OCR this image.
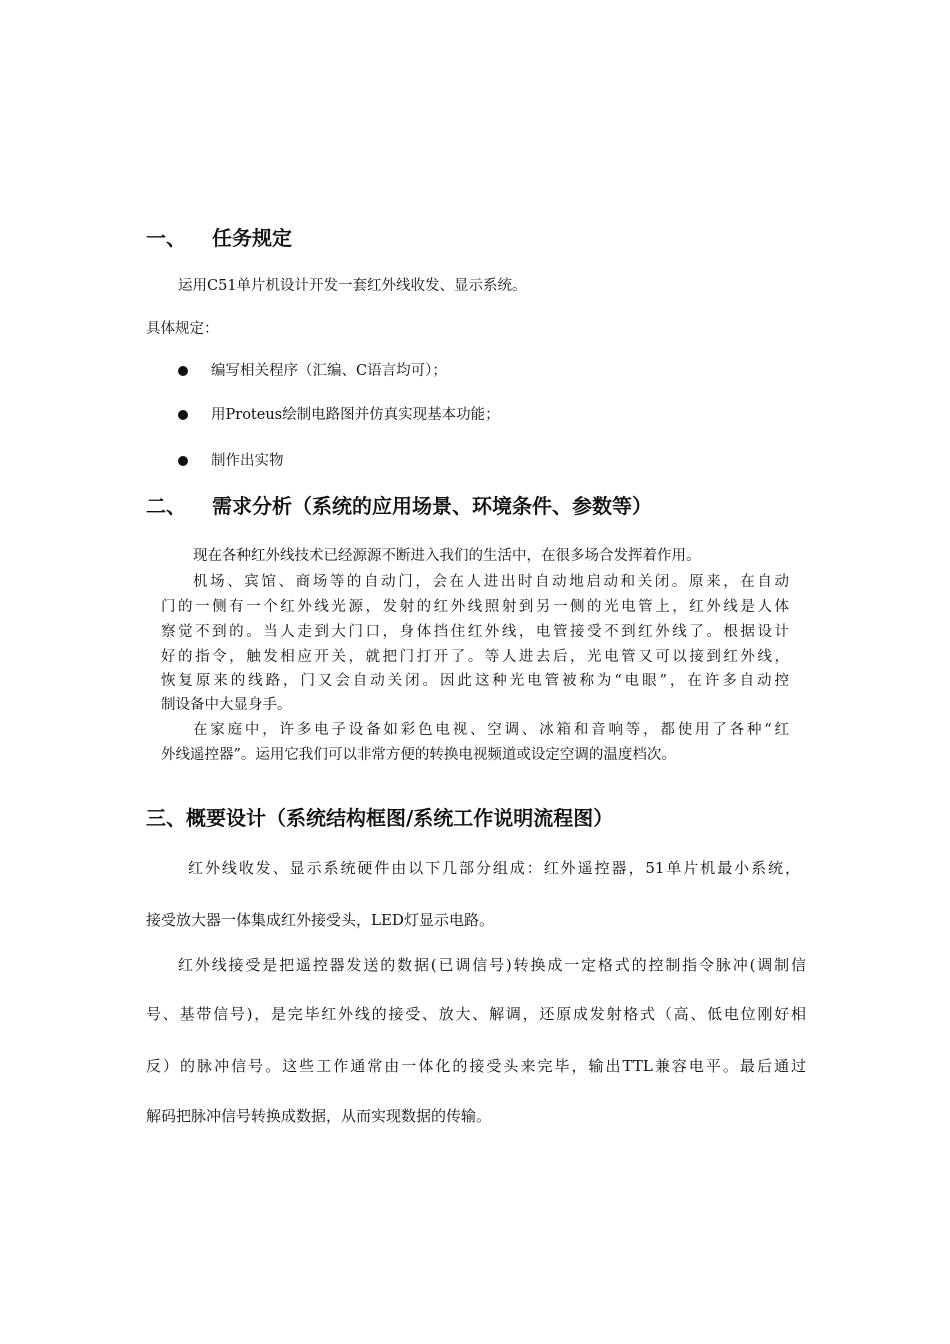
一、 任务规定
运用C51单片机设计开发一套红外线收发、显示系统。
具体规定：
编写相关程序（汇编、C语言均可）；
用Proteus绘制电路图并仿真实现基本功能；
制作出实物
二、 需求分析（系统的应用场景、环境条件、参数等）
现在各种红外线技术已经源源不断进入我们的生活中，在很多场合发挥着作用。
机场、宾馆、商场等的自动门，会在人进出时自动地启动和关闭。原来，在自动
门的一侧有一个红外线光源，发射的红外线照射到另一侧的光电管上，红外线是人体
察觉不到的。当人走到大门口，身体挡住红外线，电管接受不到红外线了。根据设计
好的指令，触发相应开关，就把门打开了。等人进去后，光电管又可以接到红外线，
恢复原来的线路，门又会自动关闭。因此这种光电管被称为“电眼”，在许多自动控
制设备中大显身手。
在家庭中，许多电子设备如彩色电视、空调、冰箱和音响等，都使用了各种“红
外线遥控器”。运用它我们可以非常方便的转换电视频道或设定空调的温度档次。
三、概要设计（系统结构框图/系统工作说明流程图）
红外线收发、显示系统硬件由以下几部分组成：红外遥控器，51单片机最小系统，
接受放大器一体集成红外接受头，LED灯显示电路。
红外线接受是把遥控器发送的数据(已调信号)转换成一定格式的控制指令脉冲(调制信
号、基带信号)，是完毕红外线的接受、放大、解调，还原成发射格式（高、低电位刚好相
反）的脉冲信号。这些工作通常由一体化的接受头来完毕，输出TTL兼容电平。最后通过
解码把脉冲信号转换成数据，从而实现数据的传输。
